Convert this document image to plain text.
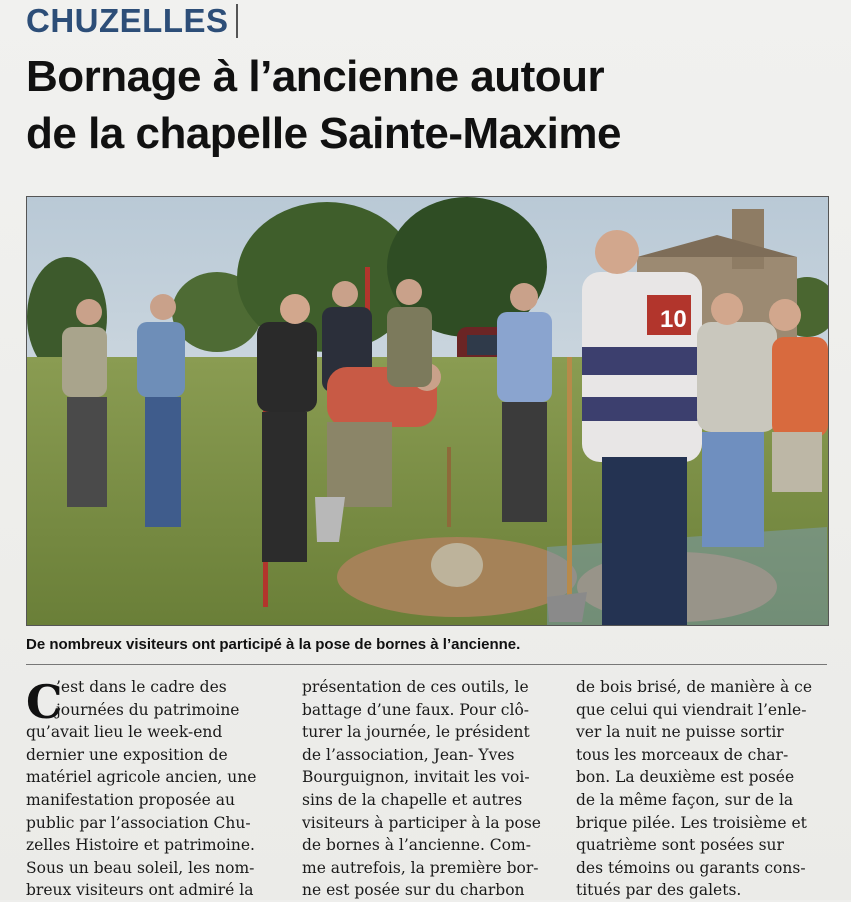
CHUZELLES
Bornage à l’ancienne autour
de la chapelle Sainte-Maxime
10
De nombreux visiteurs ont participé à la pose de bornes à l’ancienne.
C
’est dans le cadre des
journées du patrimoine
qu’avait lieu le week-end
dernier une exposition de
matériel agricole ancien, une
manifestation proposée au
public par l’association Chu-
zelles Histoire et patrimoine.
Sous un beau soleil, les nom-
breux visiteurs ont admiré la
présentation de ces outils, le
battage d’une faux. Pour clô-
turer la journée, le président
de l’association, Jean- Yves
Bourguignon, invitait les voi-
sins de la chapelle et autres
visiteurs à participer à la pose
de bornes à l’ancienne. Com-
me autrefois, la première bor-
ne est posée sur du charbon
de bois brisé, de manière à ce
que celui qui viendrait l’enle-
ver la nuit ne puisse sortir
tous les morceaux de char-
bon. La deuxième est posée
de la même façon, sur de la
brique pilée. Les troisième et
quatrième sont posées sur
des témoins ou garants cons-
titués par des galets.
